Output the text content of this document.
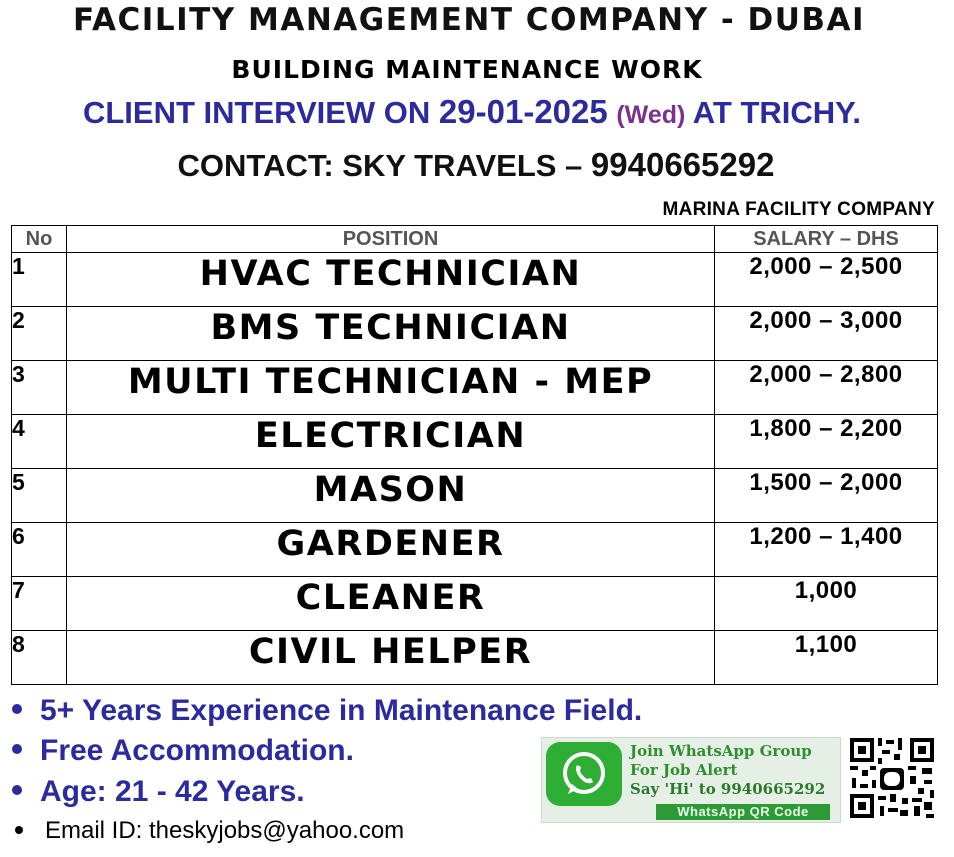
FACILITY MANAGEMENT COMPANY - DUBAI
BUILDING MAINTENANCE WORK
CLIENT INTERVIEW ON 29-01-2025 (Wed) AT TRICHY.
CONTACT: SKY TRAVELS – 9940665292
MARINA FACILITY COMPANY
No	POSITION	SALARY – DHS
1	HVAC TECHNICIAN	2,000 – 2,500
2	BMS TECHNICIAN	2,000 – 3,000
3	MULTI TECHNICIAN - MEP	2,000 – 2,800
4	ELECTRICIAN	1,800 – 2,200
5	MASON	1,500 – 2,000
6	GARDENER	1,200 – 1,400
7	CLEANER	1,000
8	CIVIL HELPER	1,100
5+ Years Experience in Maintenance Field.
Free Accommodation.
Age: 21 - 42 Years.
Email ID: theskyjobs@yahoo.com
Join WhatsApp Group
For Job Alert
Say 'Hi' to 9940665292
WhatsApp QR Code
